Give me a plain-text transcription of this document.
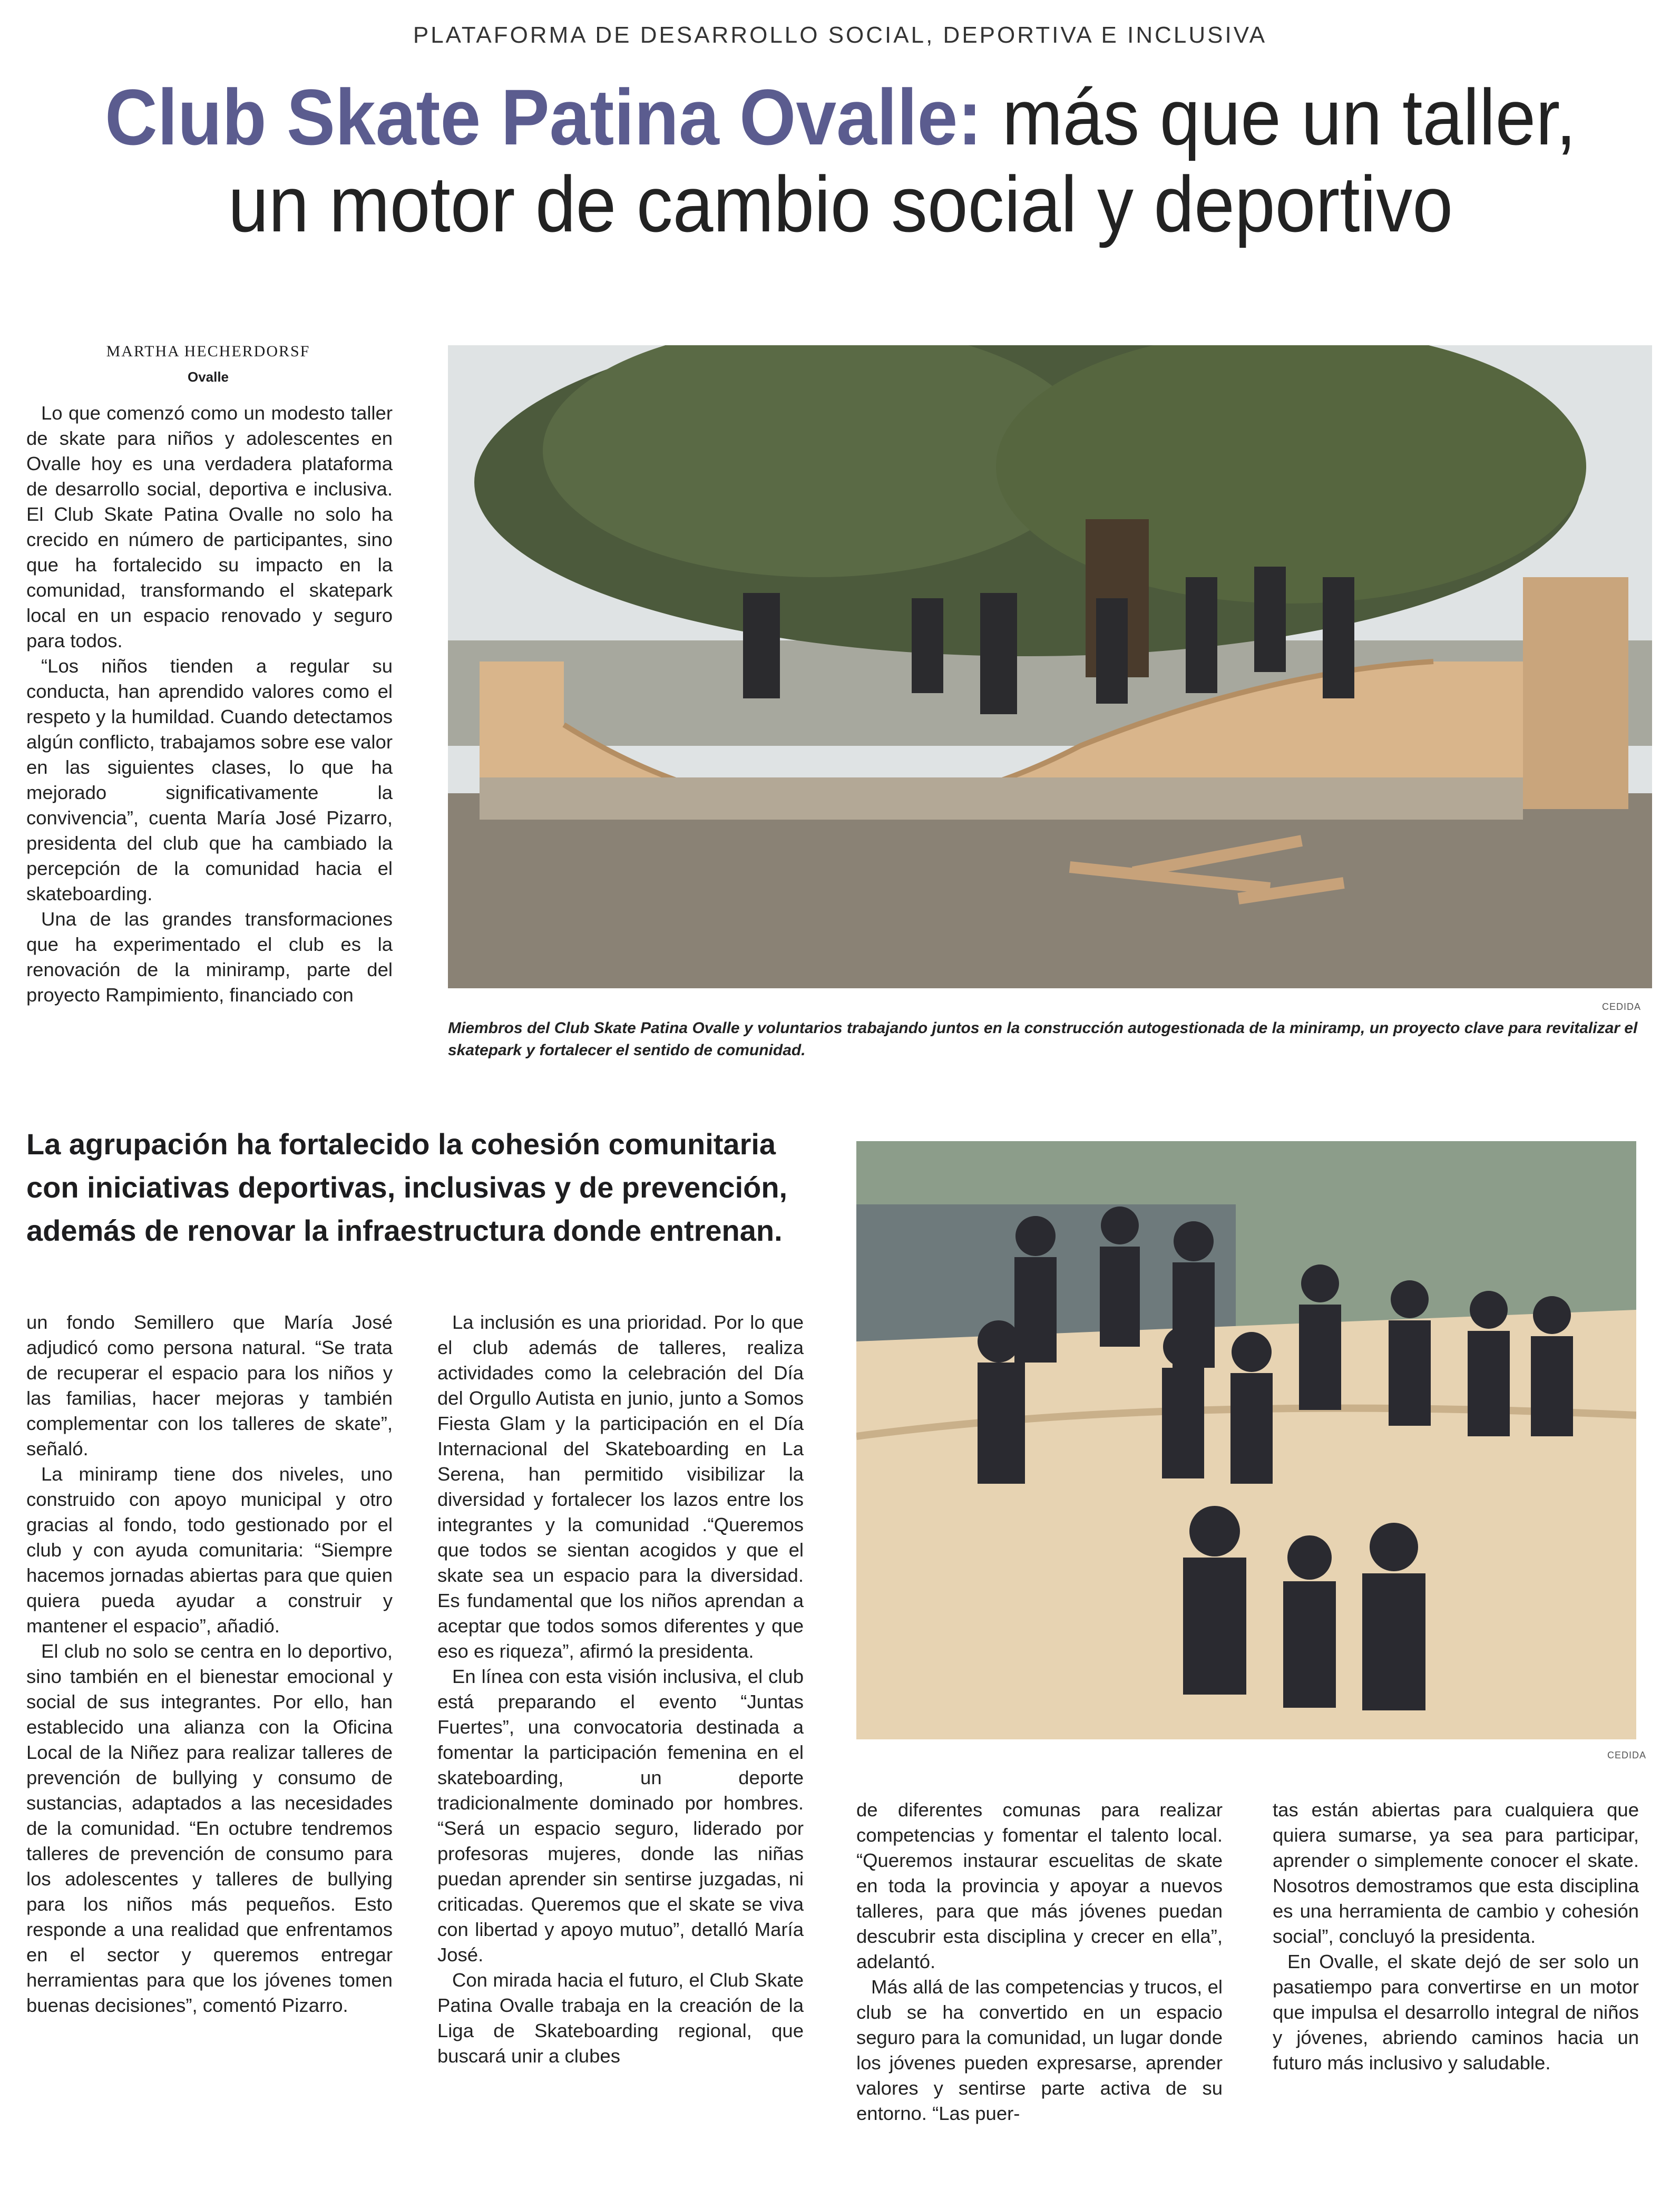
PLATAFORMA DE DESARROLLO SOCIAL, DEPORTIVA E INCLUSIVA
Club Skate Patina Ovalle: más que un taller,
un motor de cambio social y deportivo
MARTHA HECHERDORSF
Ovalle

Lo que comenzó como un modesto taller de skate para niños y adolescentes en Ovalle hoy es una verdadera plataforma de desarrollo social, deportiva e inclusiva. El Club Skate Patina Ovalle no solo ha crecido en número de participantes, sino que ha fortalecido su impacto en la comunidad, transformando el skatepark local en un espacio renovado y seguro para todos.

“Los niños tienden a regular su conducta, han aprendido valores como el respeto y la humildad. Cuando detectamos algún conflicto, trabajamos sobre ese valor en las siguientes clases, lo que ha mejorado significativamente la convivencia”, cuenta María José Pizarro, presidenta del club que ha cambiado la percepción de la comunidad hacia el skateboarding.

Una de las grandes transformaciones que ha experimentado el club es la renovación de la miniramp, parte del proyecto Rampimiento, financiado con

CEDIDA
Miembros del Club Skate Patina Ovalle y voluntarios trabajando juntos en la construcción autogestionada de la miniramp, un proyecto clave para revitalizar el skatepark y fortalecer el sentido de comunidad.
La agrupación ha fortalecido la cohesión comunitaria con iniciativas deportivas, inclusivas y de prevención, además de renovar la infraestructura donde entrenan.
CEDIDA

un fondo Semillero que María José adjudicó como persona natural. “Se trata de recuperar el espacio para los niños y las familias, hacer mejoras y también complementar con los talleres de skate”, señaló.

La miniramp tiene dos niveles, uno construido con apoyo municipal y otro gracias al fondo, todo gestionado por el club y con ayuda comunitaria: “Siempre hacemos jornadas abiertas para que quien quiera pueda ayudar a construir y mantener el espacio”, añadió.

El club no solo se centra en lo deportivo, sino también en el bienestar emocional y social de sus integrantes. Por ello, han establecido una alianza con la Oficina Local de la Niñez para realizar talleres de prevención de bullying y consumo de sustancias, adaptados a las necesidades de la comunidad. “En octubre tendremos talleres de prevención de consumo para los adolescentes y talleres de bullying para los niños más pequeños. Esto responde a una realidad que enfrentamos en el sector y queremos entregar herramientas para que los jóvenes tomen buenas decisiones”, comentó Pizarro.

La inclusión es una prioridad. Por lo que el club además de talleres, realiza actividades como la celebración del Día del Orgullo Autista en junio, junto a Somos Fiesta Glam y la participación en el Día Internacional del Skateboarding en La Serena, han permitido visibilizar la diversidad y fortalecer los lazos entre los integrantes y la comunidad .“Queremos que todos se sientan acogidos y que el skate sea un espacio para la diversidad. Es fundamental que los niños aprendan a aceptar que todos somos diferentes y que eso es riqueza”, afirmó la presidenta.

En línea con esta visión inclusiva, el club está preparando el evento “Juntas Fuertes”, una convocatoria destinada a fomentar la participación femenina en el skateboarding, un deporte tradicionalmente dominado por hombres. “Será un espacio seguro, liderado por profesoras mujeres, donde las niñas puedan aprender sin sentirse juzgadas, ni criticadas. Queremos que el skate se viva con libertad y apoyo mutuo”, detalló María José.

Con mirada hacia el futuro, el Club Skate Patina Ovalle trabaja en la creación de la Liga de Skateboarding regional, que buscará unir a clubes

de diferentes comunas para realizar competencias y fomentar el talento local. “Queremos instaurar escuelitas de skate en toda la provincia y apoyar a nuevos talleres, para que más jóvenes puedan descubrir esta disciplina y crecer en ella”, adelantó.

Más allá de las competencias y trucos, el club se ha convertido en un espacio seguro para la comunidad, un lugar donde los jóvenes pueden expresarse, aprender valores y sentirse parte activa de su entorno. “Las puer-

tas están abiertas para cualquiera que quiera sumarse, ya sea para participar, aprender o simplemente conocer el skate. Nosotros demostramos que esta disciplina es una herramienta de cambio y cohesión social”, concluyó la presidenta.

En Ovalle, el skate dejó de ser solo un pasatiempo para convertirse en un motor que impulsa el desarrollo integral de niños y jóvenes, abriendo caminos hacia un futuro más inclusivo y saludable.
